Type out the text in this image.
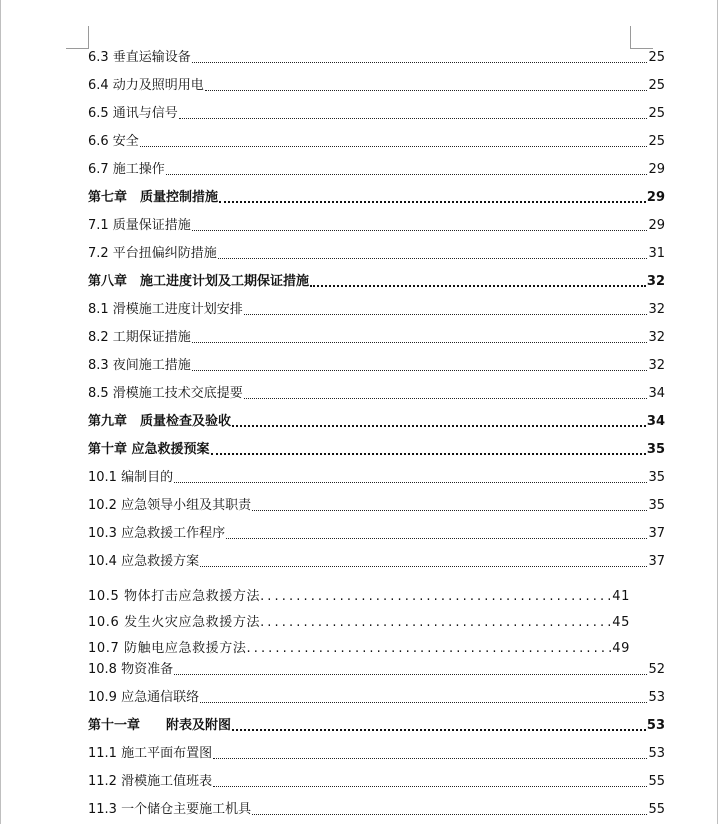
6.3 垂直运输设备	25
6.4 动力及照明用电	25
6.5 通讯与信号	25
6.6 安全	25
6.7 施工操作	29
第七章　质量控制措施	29
7.1 质量保证措施	29
7.2 平台扭偏纠防措施	31
第八章　施工进度计划及工期保证措施	32
8.1 滑模施工进度计划安排	32
8.2 工期保证措施	32
8.3 夜间施工措施	32
8.5 滑模施工技术交底提要	34
第九章　质量检查及验收	34
第十章 应急救援预案	35
10.1 编制目的	35
10.2 应急领导小组及其职责	35
10.3 应急救援工作程序	37
10.4 应急救援方案	37
10.5 物体打击应急救援方法 .....	41
10.6 发生火灾应急救援方法 .....	45
10.7 防触电应急救援方法 .....	49
10.8 物资准备	52
10.9 应急通信联络	53
第十一章　　附表及附图	53
11.1 施工平面布置图	53
11.2 滑模施工值班表	55
11.3 一个储仓主要施工机具	55
